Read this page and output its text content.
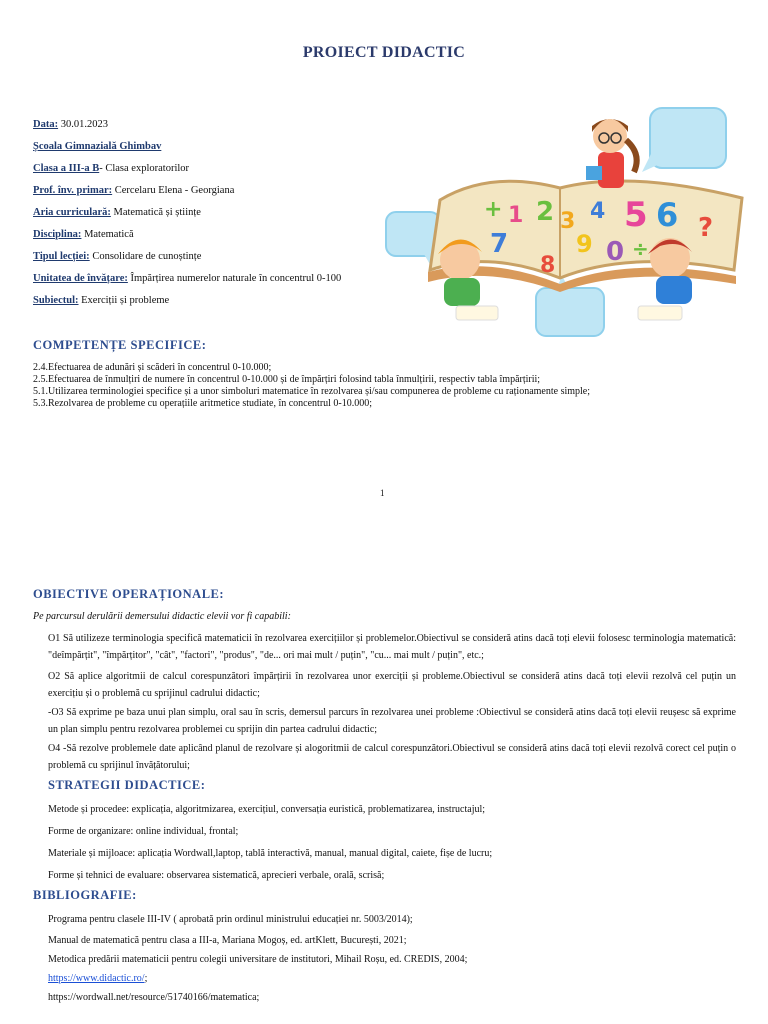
PROIECT DIDACTIC
Data: 30.01.2023
Școala Gimnazială Ghimbav
Clasa a III-a B- Clasa exploratorilor
Prof. înv. primar: Cercelaru Elena - Georgiana
Aria curriculară: Matematică și științe
Disciplina: Matematică
Tipul lecției: Consolidare de cunoștințe
Unitatea de învățare: Împărțirea numerelor naturale în concentrul 0-100
Subiectul: Exerciții și probleme
+ 1 2 3 4 5 6
7
8
9 0 ÷
?
COMPETENȚE SPECIFICE:
2.4.Efectuarea de adunări și scăderi în concentrul 0-10.000;
2.5.Efectuarea de înmulțiri de numere în concentrul 0-10.000 și de împărțiri folosind tabla înmulțirii, respectiv tabla împărțirii;
5.1.Utilizarea terminologiei specifice și a unor simboluri matematice în rezolvarea și/sau compunerea de probleme cu raționamente simple;
5.3.Rezolvarea de probleme cu operațiile aritmetice studiate, în concentrul 0-10.000;
1
OBIECTIVE OPERAȚIONALE:
Pe parcursul derulării demersului didactic elevii vor fi capabili:
O1 Să utilizeze terminologia specifică matematicii în rezolvarea exercițiilor și problemelor.Obiectivul se consideră atins dacă toți elevii folosesc terminologia matematică: "deîmpărțit", "împărțitor", "cât", "factori", "produs", "de... ori mai mult / puțin", "cu... mai mult / puțin", etc.;
O2 Să aplice algoritmii de calcul corespunzători împărțirii în rezolvarea unor exerciții și probleme.Obiectivul se consideră atins dacă toți elevii rezolvă cel puțin un exercițiu și o problemă cu sprijinul cadrului didactic;
-O3 Să exprime pe baza unui plan simplu, oral sau în scris, demersul parcurs în rezolvarea unei probleme :Obiectivul se consideră atins dacă toți elevii reușesc să exprime un plan simplu pentru rezolvarea problemei cu sprijin din partea cadrului didactic;
O4 -Să rezolve problemele date aplicând planul de rezolvare și alogoritmii de calcul corespunzători.Obiectivul se consideră atins dacă toți elevii rezolvă corect cel puțin o problemă cu sprijinul învățătorului;
STRATEGII DIDACTICE:
Metode și procedee: explicația, algoritmizarea, exercițiul, conversația euristică, problematizarea, instructajul;
Forme de organizare: online individual, frontal;
Materiale și mijloace: aplicația Wordwall,laptop, tablă interactivă, manual, manual digital, caiete, fișe de lucru;
Forme și tehnici de evaluare: observarea sistematică, aprecieri verbale, orală, scrisă;
BIBLIOGRAFIE:
Programa pentru clasele III-IV ( aprobată prin ordinul ministrului educației nr. 5003/2014);
Manual de matematică pentru clasa a III-a, Mariana Mogoș, ed. artKlett, București, 2021;
Metodica predării matematicii pentru colegii universitare de institutori, Mihail Roșu, ed. CREDIS, 2004;
https://www.didactic.ro/;
https://wordwall.net/resource/51740166/matematica;
